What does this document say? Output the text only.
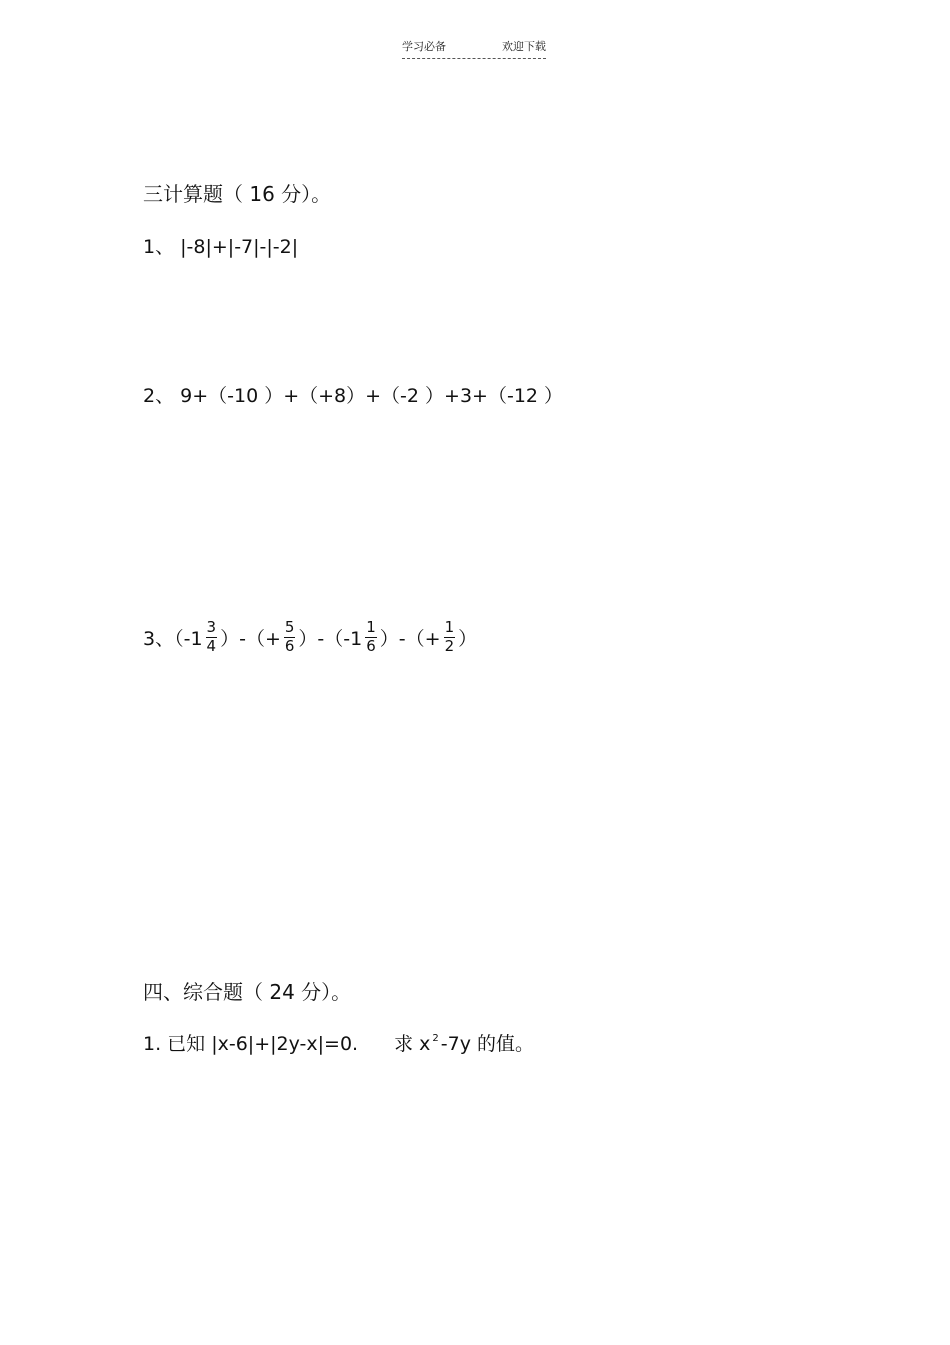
学习必备	欢迎下载
三计算题（ 16 分）。
1、 |-8|+|-7|-|-2|
2、 9+（-10 ）+（+8）+（-2 ）+3+（-12 ）
3、（$-1 \frac{3}{4}$ ）-（+ $\frac{5}{6} )-(-1 \frac{1}{6}$ ）-（+ $\frac{1}{2}$ ）
四、综合题（ 24 分）。
1. 已知 |x-6|+|2y-x|=0. 求 $x^2$ -7y 的值。
